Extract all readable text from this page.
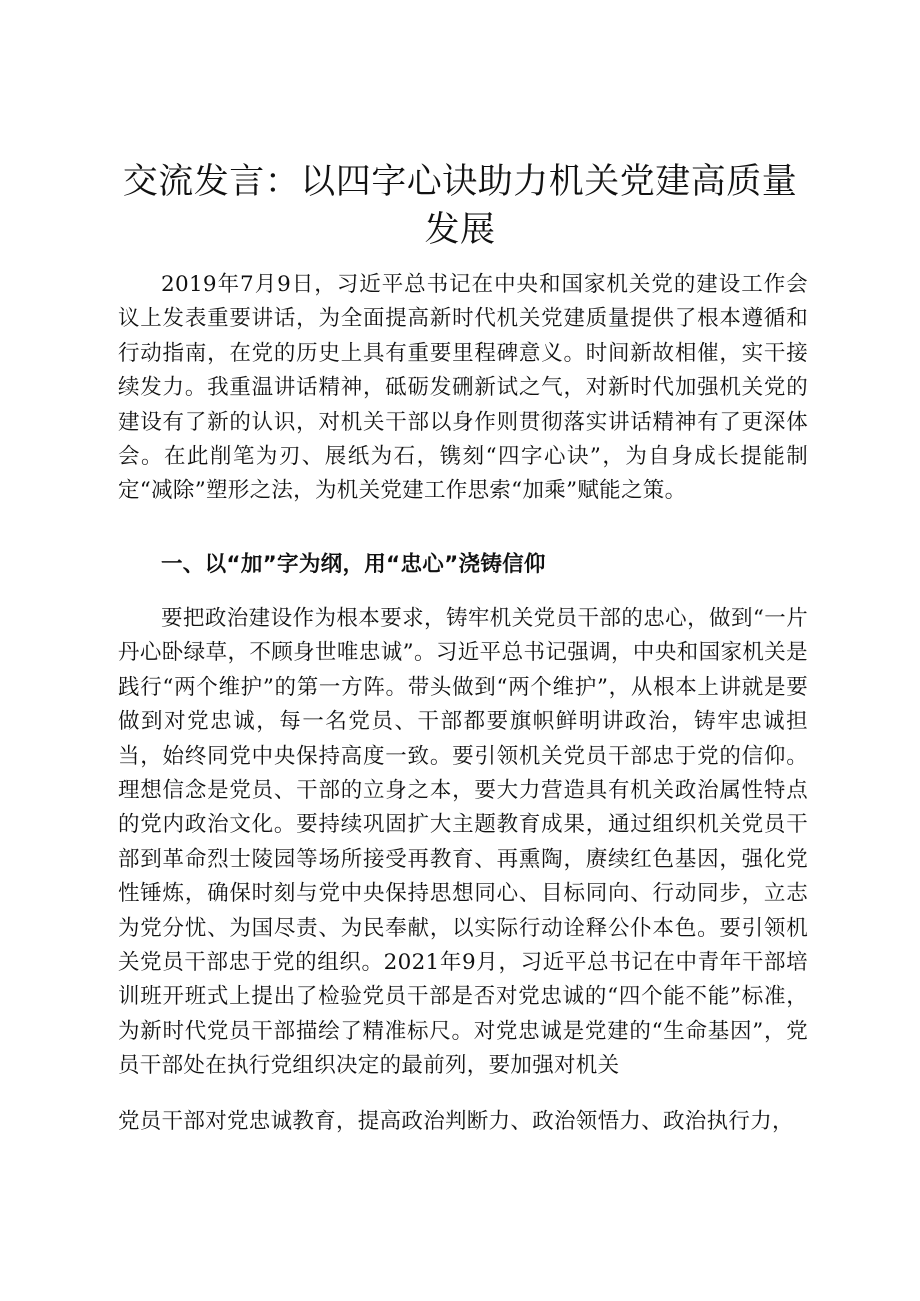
交流发言：以四字心诀助力机关党建高质量发展

2019年7月9日，习近平总书记在中央和国家机关党的建设工作会议上发表重要讲话，为全面提高新时代机关党建质量提供了根本遵循和行动指南，在党的历史上具有重要里程碑意义。时间新故相催，实干接续发力。我重温讲话精神，砥砺发硎新试之气，对新时代加强机关党的建设有了新的认识，对机关干部以身作则贯彻落实讲话精神有了更深体会。在此削笔为刃、展纸为石，镌刻“四字心诀”，为自身成长提能制定“减除”塑形之法，为机关党建工作思索“加乘”赋能之策。

一、以“加”字为纲，用“忠心”浇铸信仰

要把政治建设作为根本要求，铸牢机关党员干部的忠心，做到“一片丹心卧绿草，不顾身世唯忠诚”。习近平总书记强调，中央和国家机关是践行“两个维护”的第一方阵。带头做到“两个维护”，从根本上讲就是要做到对党忠诚，每一名党员、干部都要旗帜鲜明讲政治，铸牢忠诚担当，始终同党中央保持高度一致。要引领机关党员干部忠于党的信仰。理想信念是党员、干部的立身之本，要大力营造具有机关政治属性特点的党内政治文化。要持续巩固扩大主题教育成果，通过组织机关党员干部到革命烈士陵园等场所接受再教育、再熏陶，赓续红色基因，强化党性锤炼，确保时刻与党中央保持思想同心、目标同向、行动同步，立志为党分忧、为国尽责、为民奉献，以实际行动诠释公仆本色。要引领机关党员干部忠于党的组织。2021年9月，习近平总书记在中青年干部培训班开班式上提出了检验党员干部是否对党忠诚的“四个能不能”标准，为新时代党员干部描绘了精准标尺。对党忠诚是党建的“生命基因”，党员干部处在执行党组织决定的最前列，要加强对机关

党员干部对党忠诚教育，提高政治判断力、政治领悟力、政治执行力，
